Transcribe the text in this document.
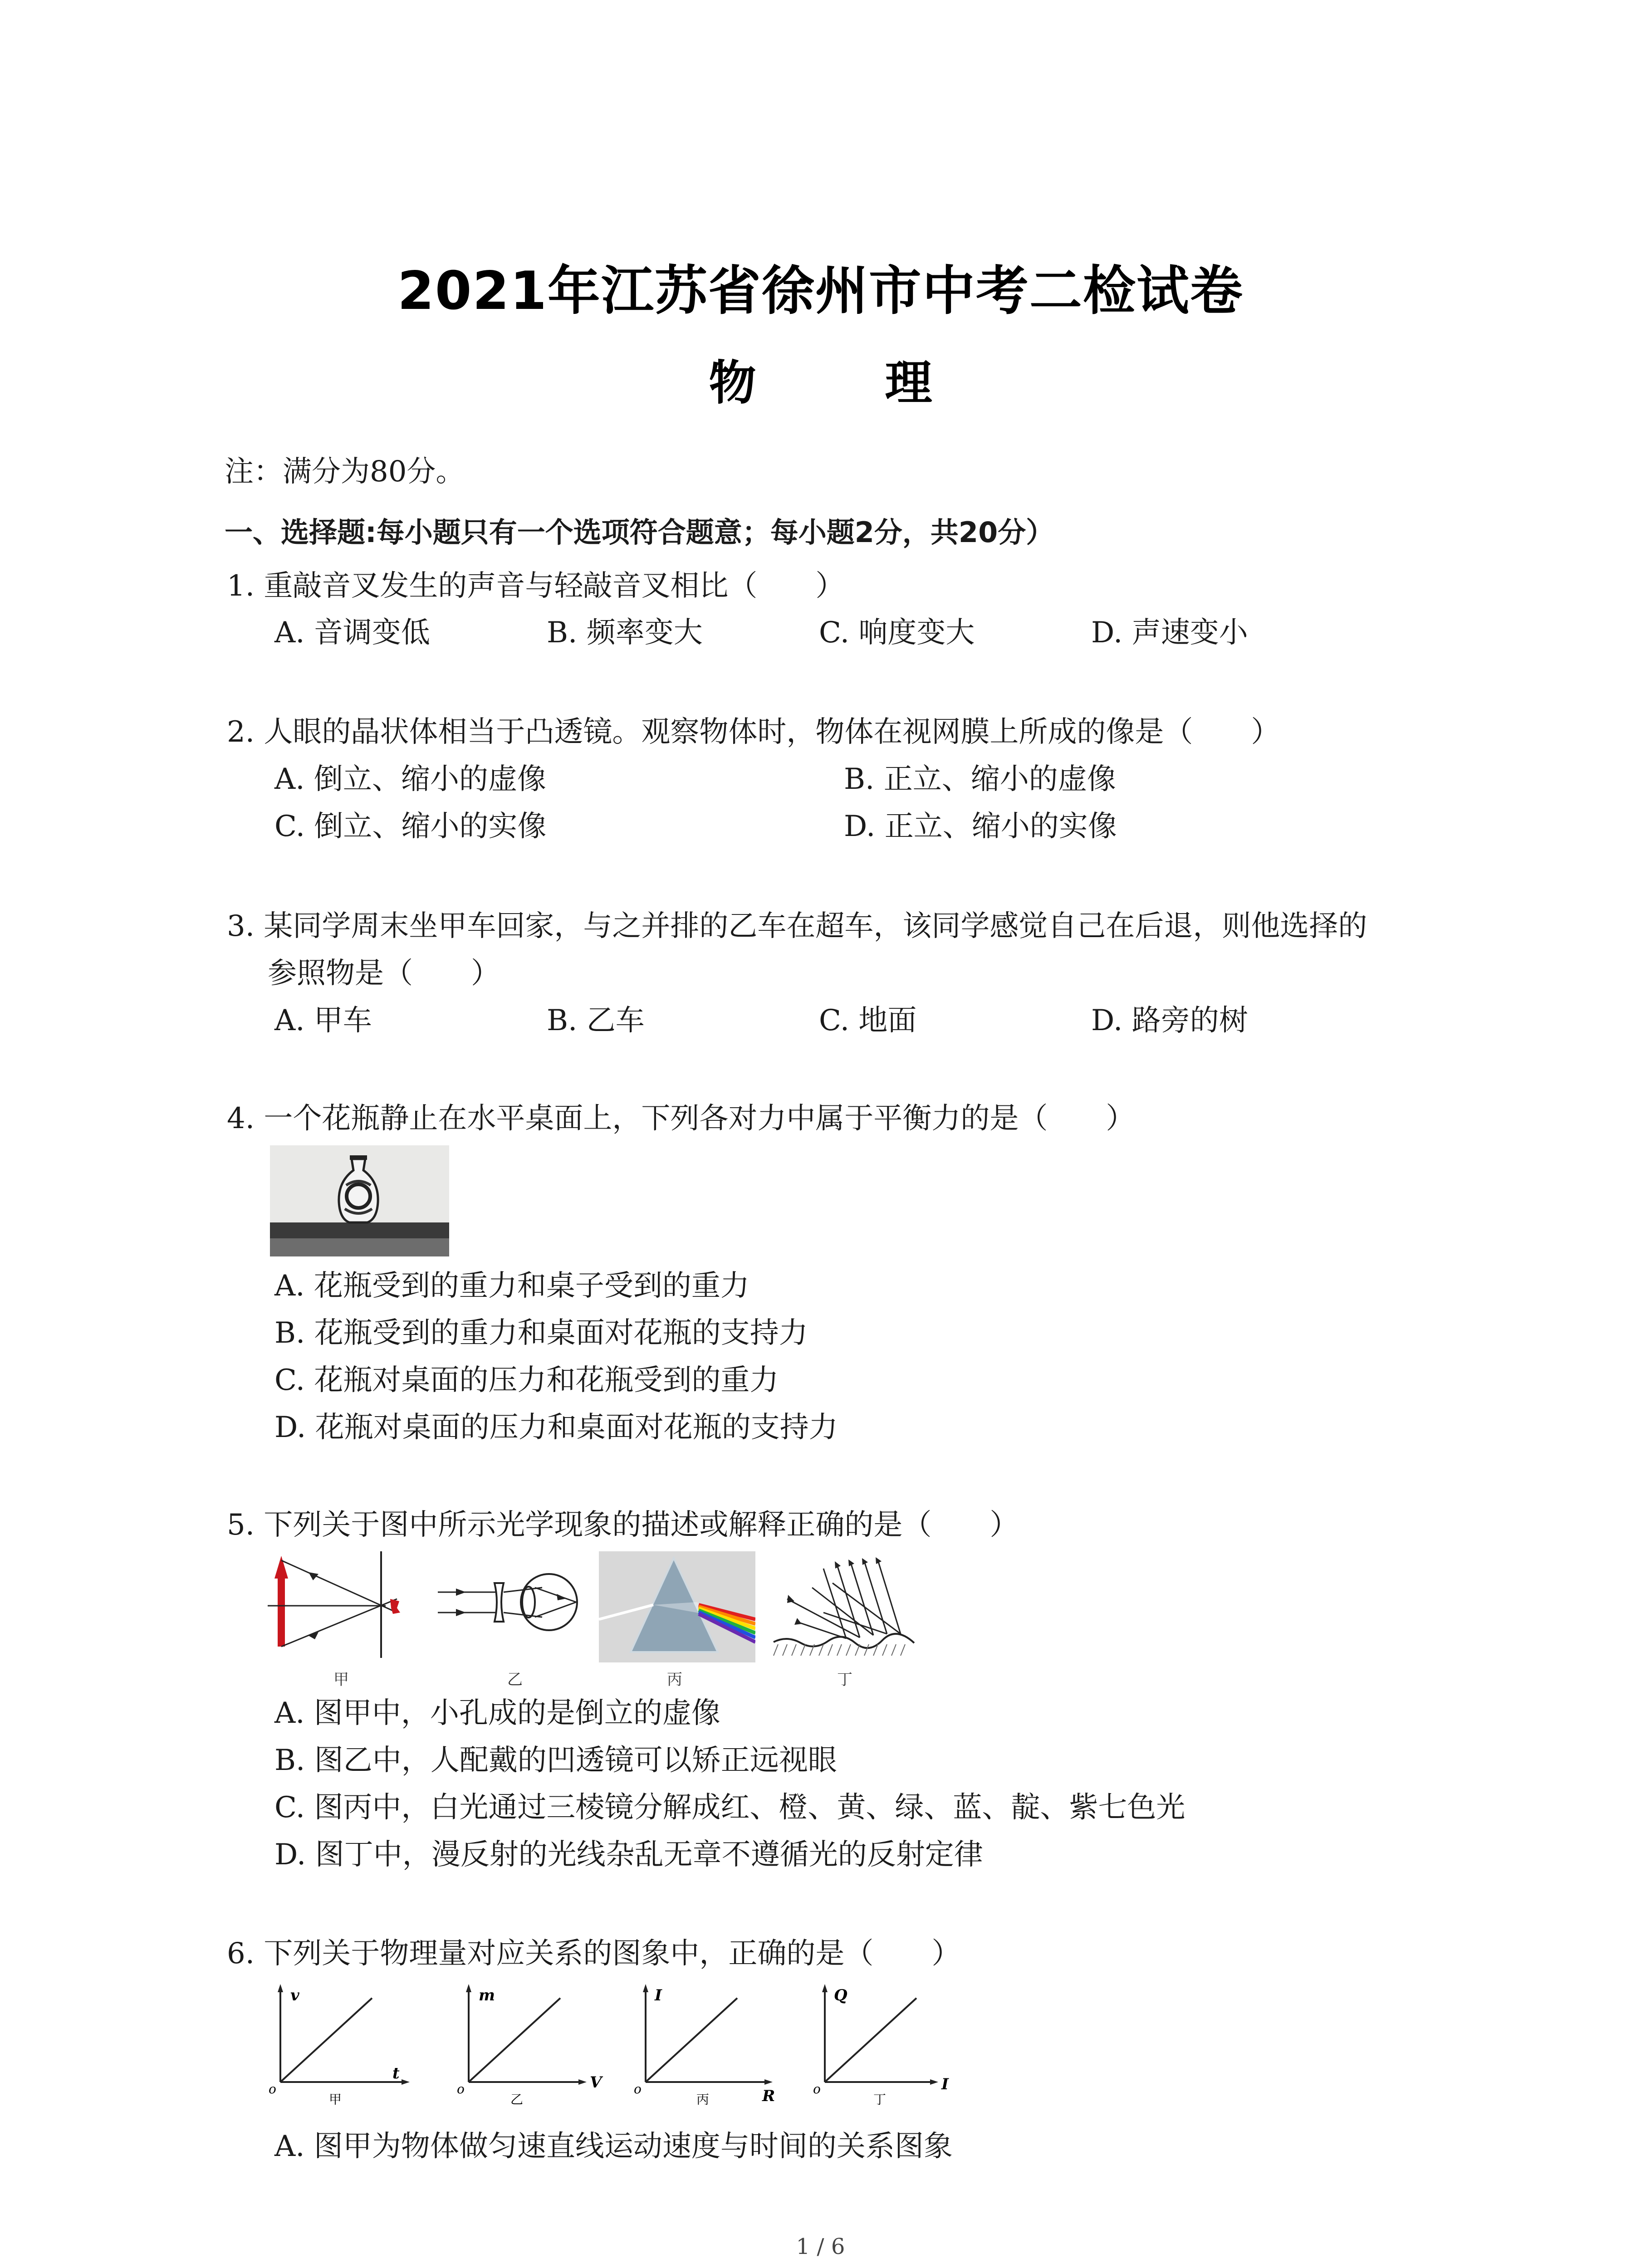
2021年江苏省徐州市中考二检试卷
物　理
注：满分为80分。
一、选择题:每小题只有一个选项符合题意；每小题2分，共20分）
1. 重敲音叉发生的声音与轻敲音叉相比（　　）
A. 音调变低	B. 频率变大	C. 响度变大	D. 声速变小
2. 人眼的晶状体相当于凸透镜。观察物体时，物体在视网膜上所成的像是（　　）
A. 倒立、缩小的虚像	B. 正立、缩小的虚像
C. 倒立、缩小的实像	D. 正立、缩小的实像
3. 某同学周末坐甲车回家，与之并排的乙车在超车，该同学感觉自己在后退，则他选择的
参照物是（　　）
A. 甲车	B. 乙车	C. 地面	D. 路旁的树
4. 一个花瓶静止在水平桌面上，下列各对力中属于平衡力的是（　　）
A. 花瓶受到的重力和桌子受到的重力
B. 花瓶受到的重力和桌面对花瓶的支持力
C. 花瓶对桌面的压力和花瓶受到的重力
D. 花瓶对桌面的压力和桌面对花瓶的支持力
5. 下列关于图中所示光学现象的描述或解释正确的是（　　）
甲	乙	丙	丁
A. 图甲中，小孔成的是倒立的虚像
B. 图乙中，人配戴的凹透镜可以矫正远视眼
C. 图丙中，白光通过三棱镜分解成红、橙、黄、绿、蓝、靛、紫七色光
D. 图丁中，漫反射的光线杂乱无章不遵循光的反射定律
6. 下列关于物理量对应关系的图象中，正确的是（　　）
v
t
o
甲
m
V
o
乙
I
R
o
丙
Q
I
o
丁
A. 图甲为物体做匀速直线运动速度与时间的关系图象
1 / 6
